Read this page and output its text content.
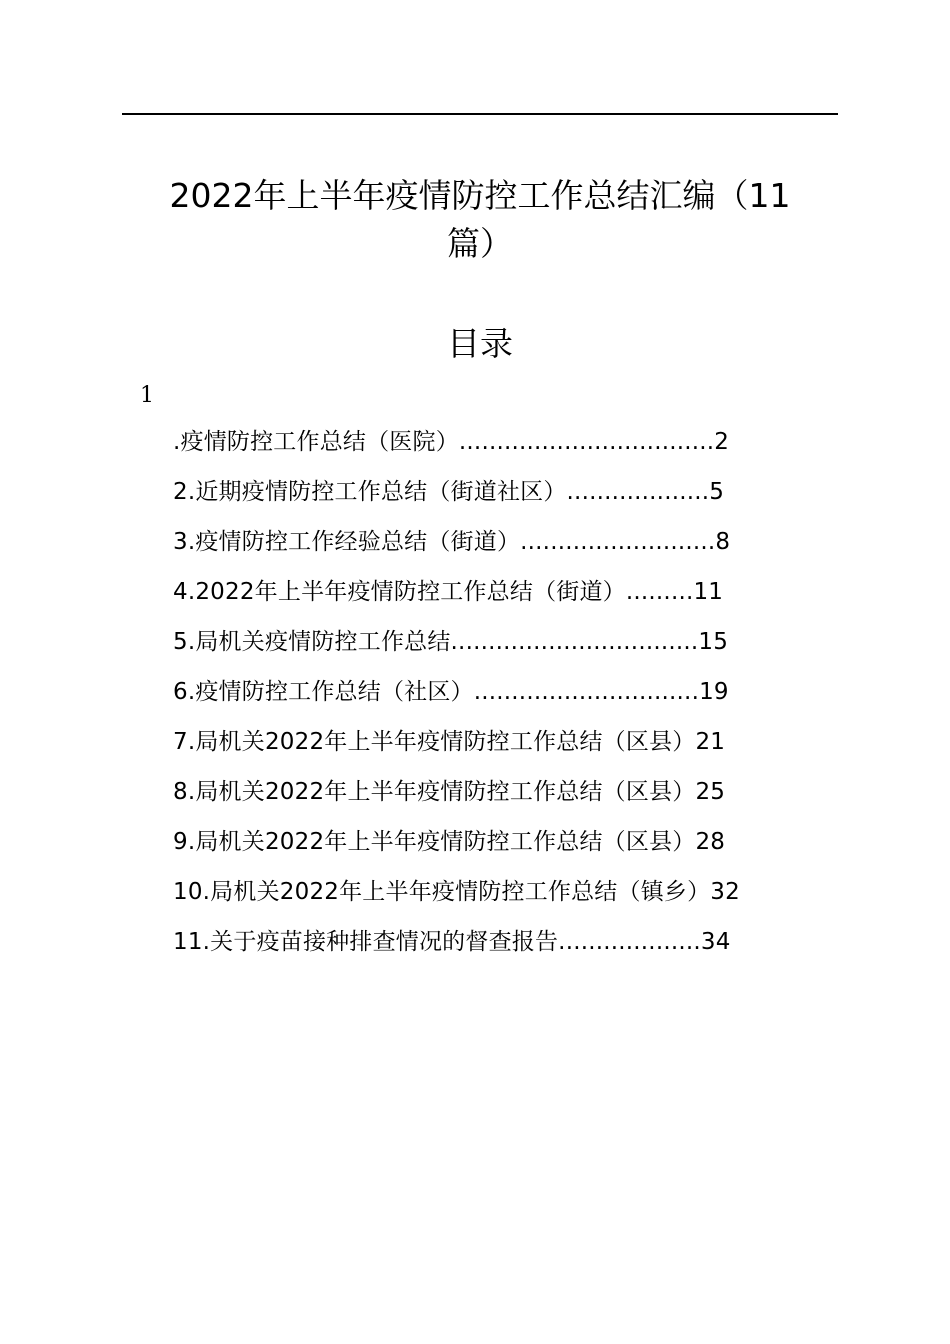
2022年上半年疫情防控工作总结汇编（11
篇）
目录
1
.疫情防控工作总结（医院）..................................2
2.近期疫情防控工作总结（街道社区）...................5
3.疫情防控工作经验总结（街道）..........................8
4.2022年上半年疫情防控工作总结（街道）.........11
5.局机关疫情防控工作总结.................................15
6.疫情防控工作总结（社区）..............................19
7.局机关2022年上半年疫情防控工作总结（区县）21
8.局机关2022年上半年疫情防控工作总结（区县）25
9.局机关2022年上半年疫情防控工作总结（区县）28
10.局机关2022年上半年疫情防控工作总结（镇乡）32
11.关于疫苗接种排查情况的督查报告...................34
